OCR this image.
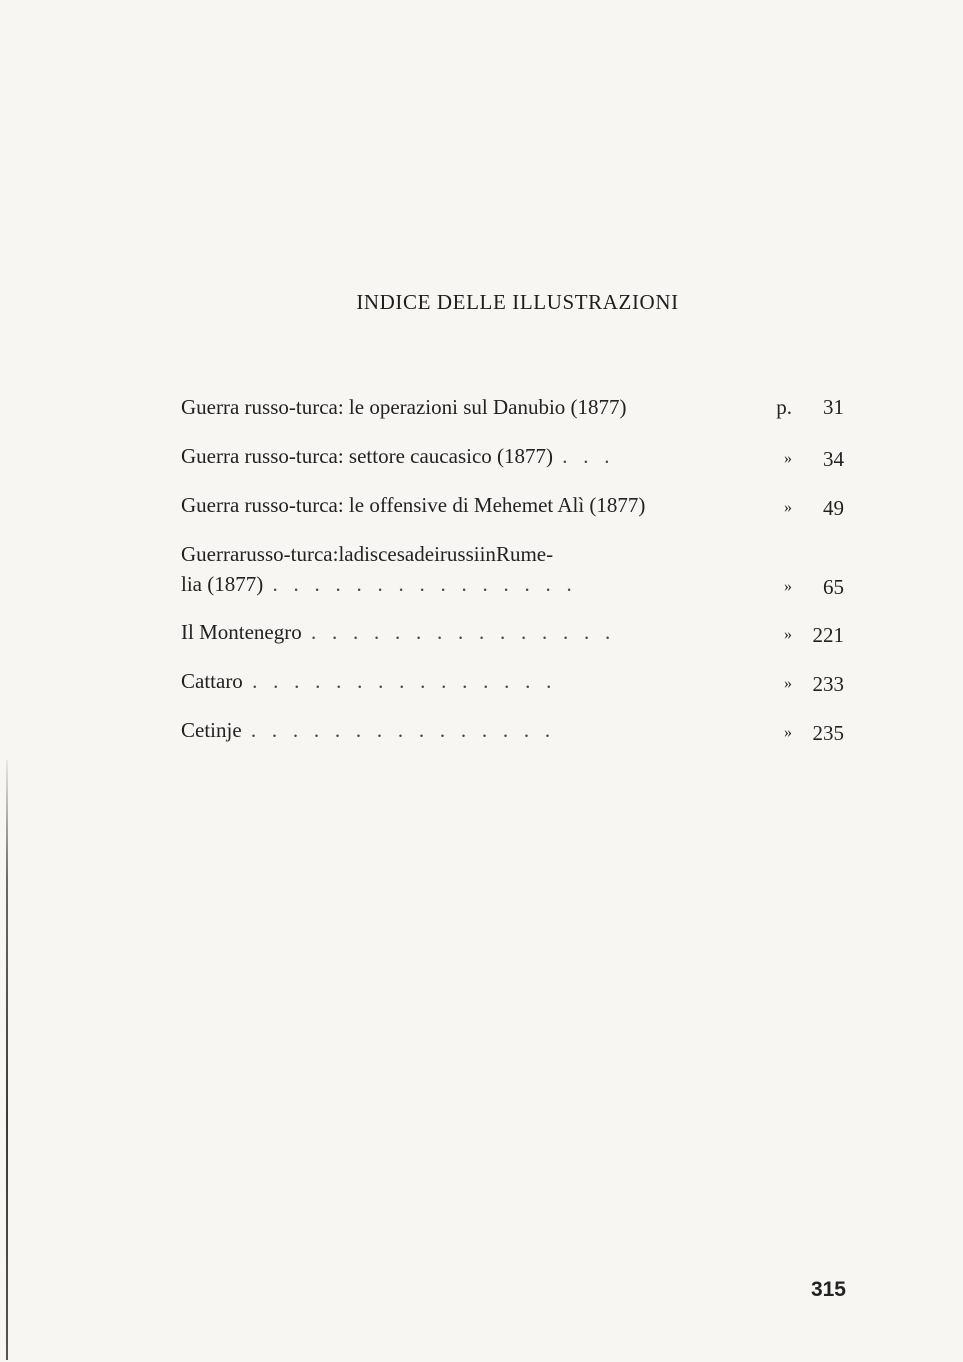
INDICE DELLE ILLUSTRAZIONI
Guerra russo-turca: le operazioni sul Danubio (1877)	p.	31
Guerra russo-turca: settore caucasico (1877) .   .   .	»	34
Guerra russo-turca: le offensive di Mehemet Alì (1877)	»	49
Guerrarusso-turca:ladiscesadeirussiinRume-
lia (1877) .   .   .   .   .   .   .   .   .   .   .   .   .   .   .	»	65
Il Montenegro .   .   .   .   .   .   .   .   .   .   .   .   .   .   .	» 221
Cattaro .   .   .   .   .   .   .   .   .   .   .   .   .   .   .	» 233
Cetinje .   .   .   .   .   .   .   .   .   .   .   .   .   .   .	» 235
315
